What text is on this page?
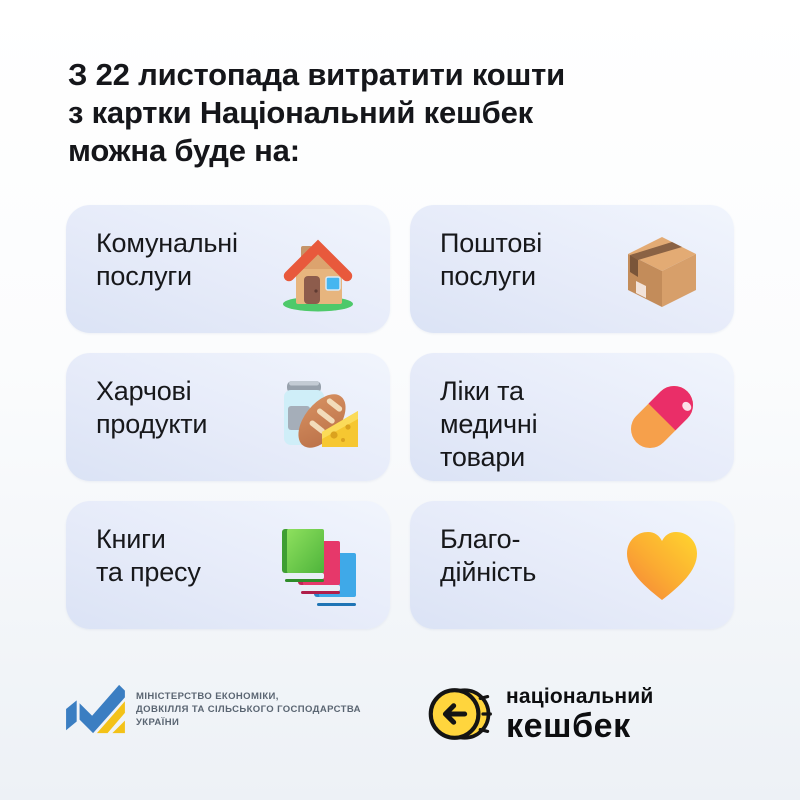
З 22 листопада витратити кошти
з картки Національний кешбек
можна буде на:
Комунальні
послуги
Поштові
послуги
Харчові
продукти
Ліки та
медичні
товари
Книги
та пресу
Благо-
дійність
МІНІСТЕРСТВО ЕКОНОМІКИ,
ДОВКІЛЛЯ ТА СІЛЬСЬКОГО ГОСПОДАРСТВА
УКРАЇНИ
національний
кешбек
